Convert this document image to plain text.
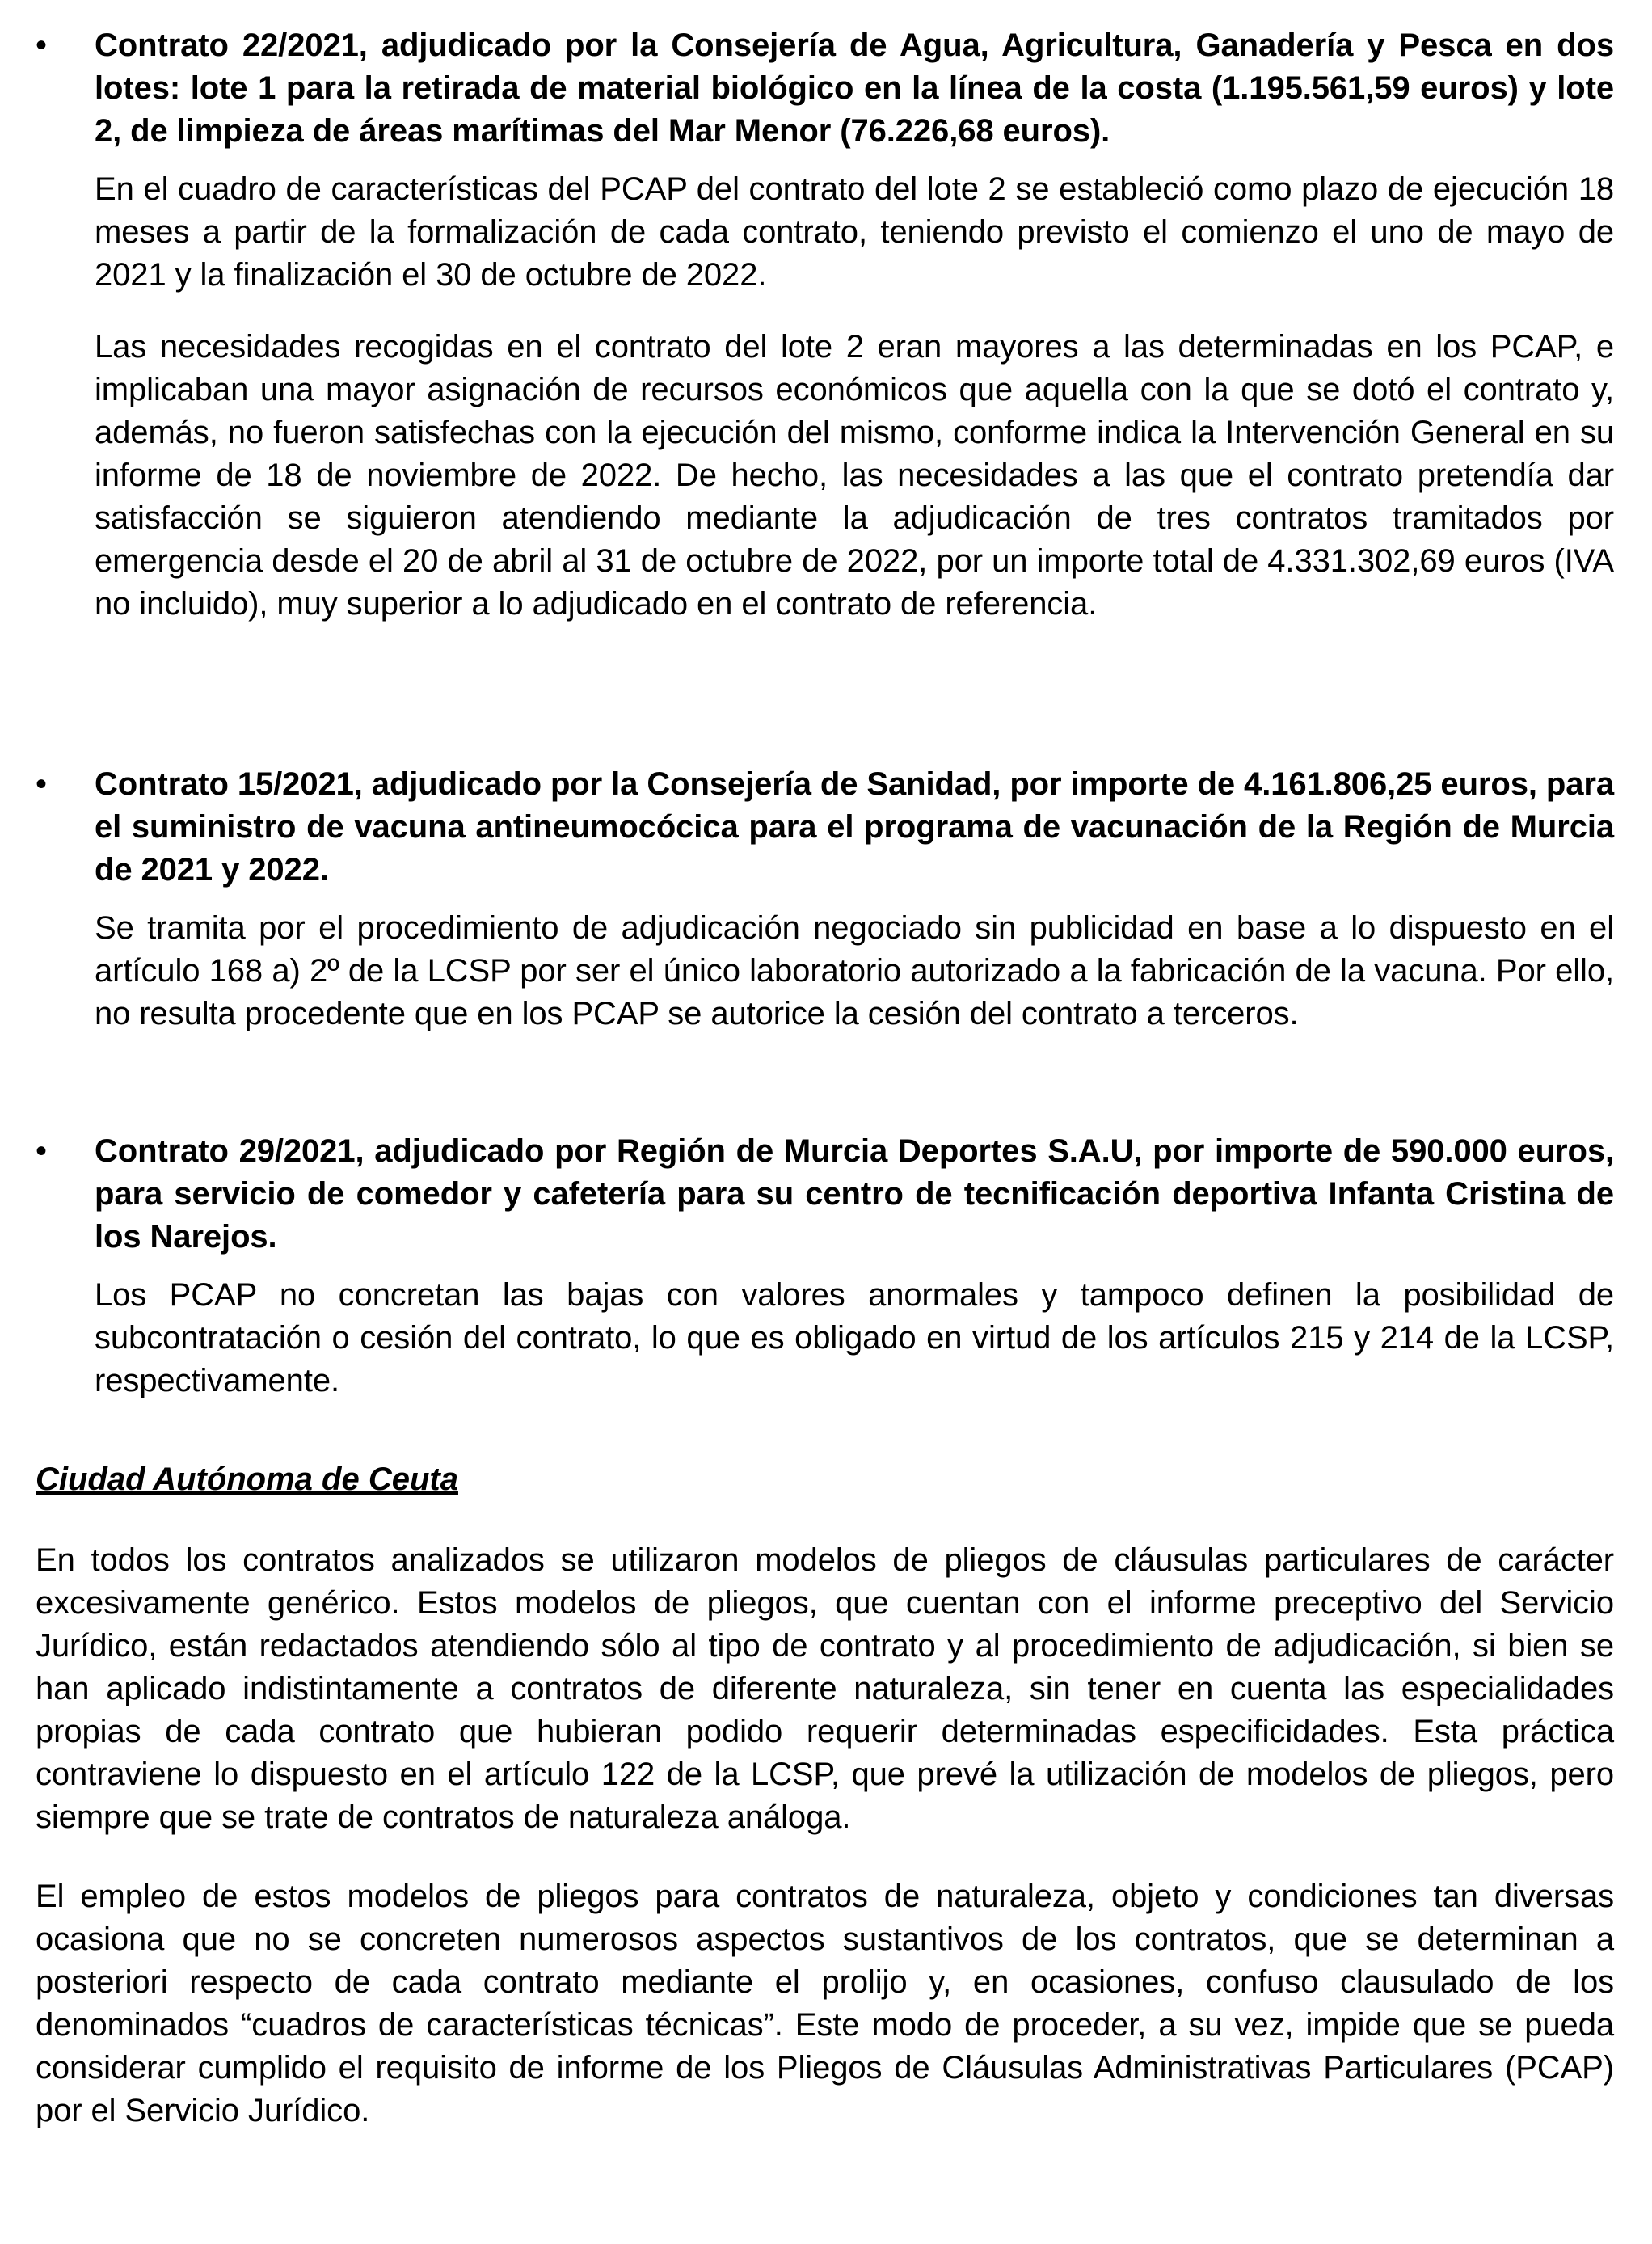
• Contrato 22/2021, adjudicado por la Consejería de Agua, Agricultura, Ganadería y Pesca en dos lotes: lote 1 para la retirada de material biológico en la línea de la costa (1.195.561,59 euros) y lote 2, de limpieza de áreas marítimas del Mar Menor (76.226,68 euros).
En el cuadro de características del PCAP del contrato del lote 2 se estableció como plazo de ejecución 18 meses a partir de la formalización de cada contrato, teniendo previsto el comienzo el uno de mayo de 2021 y la finalización el 30 de octubre de 2022.
Las necesidades recogidas en el contrato del lote 2 eran mayores a las determinadas en los PCAP, e implicaban una mayor asignación de recursos económicos que aquella con la que se dotó el contrato y, además, no fueron satisfechas con la ejecución del mismo, conforme indica la Intervención General en su informe de 18 de noviembre de 2022. De hecho, las necesidades a las que el contrato pretendía dar satisfacción se siguieron atendiendo mediante la adjudicación de tres contratos tramitados por emergencia desde el 20 de abril al 31 de octubre de 2022, por un importe total de 4.331.302,69 euros (IVA no incluido), muy superior a lo adjudicado en el contrato de referencia.
• Contrato 15/2021, adjudicado por la Consejería de Sanidad, por importe de 4.161.806,25 euros, para el suministro de vacuna antineumocócica para el programa de vacunación de la Región de Murcia de 2021 y 2022.
Se tramita por el procedimiento de adjudicación negociado sin publicidad en base a lo dispuesto en el artículo 168 a) 2º de la LCSP por ser el único laboratorio autorizado a la fabricación de la vacuna. Por ello, no resulta procedente que en los PCAP se autorice la cesión del contrato a terceros.
• Contrato 29/2021, adjudicado por Región de Murcia Deportes S.A.U, por importe de 590.000 euros, para servicio de comedor y cafetería para su centro de tecnificación deportiva Infanta Cristina de los Narejos.
Los PCAP no concretan las bajas con valores anormales y tampoco definen la posibilidad de subcontratación o cesión del contrato, lo que es obligado en virtud de los artículos 215 y 214 de la LCSP, respectivamente.
Ciudad Autónoma de Ceuta
En todos los contratos analizados se utilizaron modelos de pliegos de cláusulas particulares de carácter excesivamente genérico. Estos modelos de pliegos, que cuentan con el informe preceptivo del Servicio Jurídico, están redactados atendiendo sólo al tipo de contrato y al procedimiento de adjudicación, si bien se han aplicado indistintamente a contratos de diferente naturaleza, sin tener en cuenta las especialidades propias de cada contrato que hubieran podido requerir determinadas especificidades. Esta práctica contraviene lo dispuesto en el artículo 122 de la LCSP, que prevé la utilización de modelos de pliegos, pero siempre que se trate de contratos de naturaleza análoga.
El empleo de estos modelos de pliegos para contratos de naturaleza, objeto y condiciones tan diversas ocasiona que no se concreten numerosos aspectos sustantivos de los contratos, que se determinan a posteriori respecto de cada contrato mediante el prolijo y, en ocasiones, confuso clausulado de los denominados “cuadros de características técnicas”. Este modo de proceder, a su vez, impide que se pueda considerar cumplido el requisito de informe de los Pliegos de Cláusulas Administrativas Particulares (PCAP) por el Servicio Jurídico.
